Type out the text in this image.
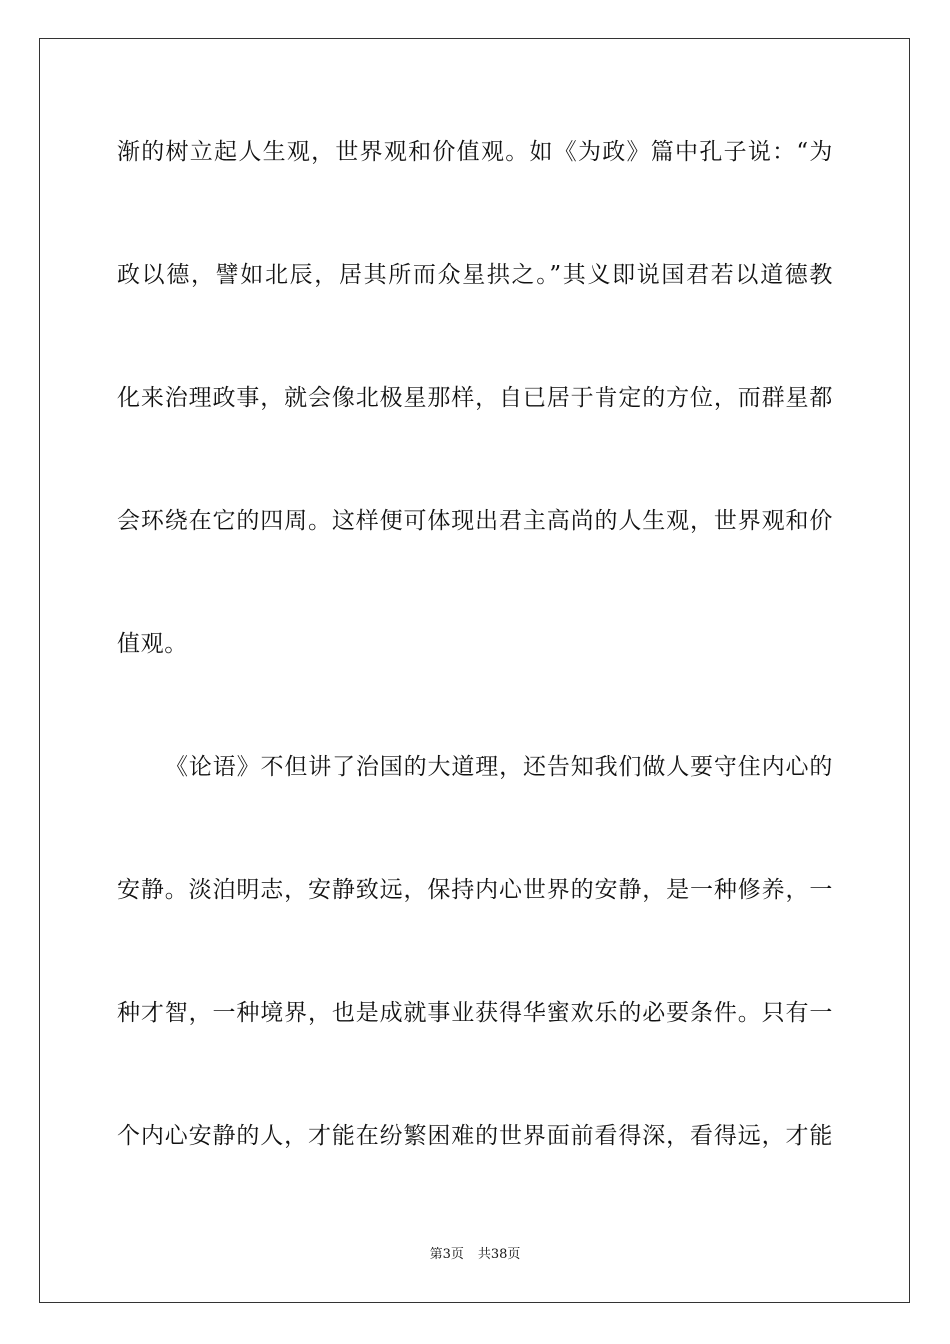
渐的树立起人生观，世界观和价值观。如《为政》篇中孔子说：“为
政以德，譬如北辰，居其所而众星拱之。”其义即说国君若以道德教
化来治理政事，就会像北极星那样，自已居于肯定的方位，而群星都
会环绕在它的四周。这样便可体现出君主高尚的人生观，世界观和价
值观。
《论语》不但讲了治国的大道理，还告知我们做人要守住内心的
安静。淡泊明志，安静致远，保持内心世界的安静，是一种修养，一
种才智，一种境界，也是成就事业获得华蜜欢乐的必要条件。只有一
个内心安静的人，才能在纷繁困难的世界面前看得深，看得远，才能
第3页 共38页
